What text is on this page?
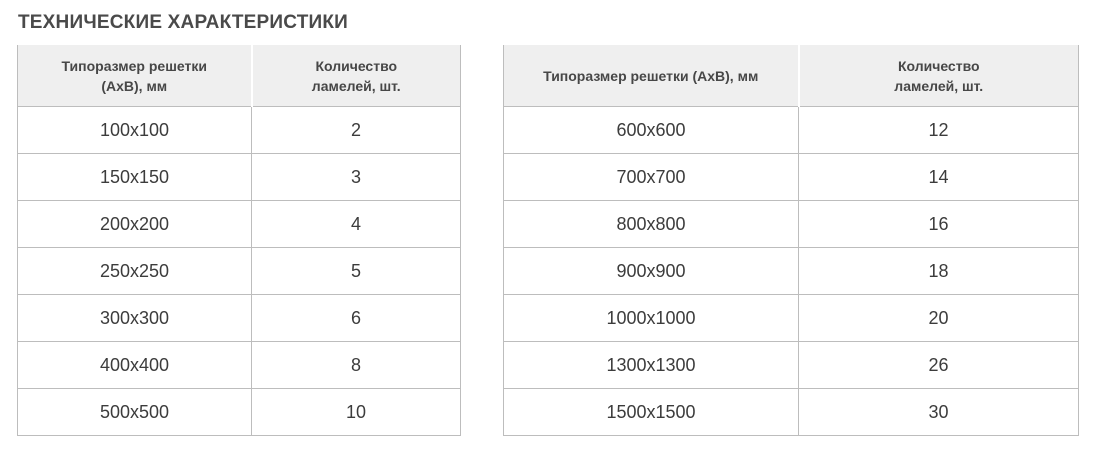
ТЕХНИЧЕСКИЕ ХАРАКТЕРИСТИКИ
Типоразмер решетки (AxB), мм	Количество ламелей, шт.
100x100	2
150x150	3
200x200	4
250x250	5
300x300	6
400x400	8
500x500	10
Типоразмер решетки (AxB), мм	Количество ламелей, шт.
600x600	12
700x700	14
800x800	16
900x900	18
1000x1000	20
1300x1300	26
1500x1500	30
